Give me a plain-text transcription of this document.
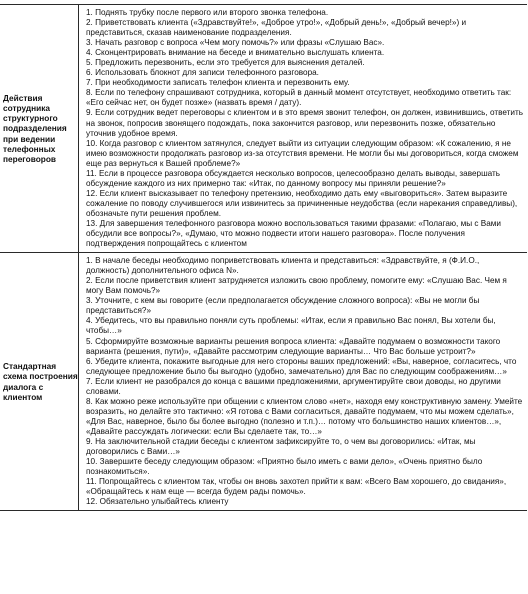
Действия сотрудника структурного подразделения при ведении телефонных переговоров
1. Поднять трубку после первого или второго звонка телефона.
2. Приветствовать клиента («Здравствуйте!», «Доброе утро!», «Добрый день!», «Добрый вечер!») и представиться, сказав наименование подразделения.
3. Начать разговор с вопроса «Чем могу помочь?» или фразы «Слушаю Вас».
4. Сконцентрировать внимание на беседе и внимательно выслушать клиента.
5. Предложить перезвонить, если это требуется для выяснения деталей.
6. Использовать блокнот для записи телефонного разговора.
7. При необходимости записать телефон клиента и перезвонить ему.
8. Если по телефону спрашивают сотрудника, который в данный момент отсутствует, необходимо ответить так: «Его сейчас нет, он будет позже» (назвать время / дату).
9. Если сотрудник ведет переговоры с клиентом и в это время звонит телефон, он должен, извинившись, ответить на звонок, попросив звонящего подождать, пока закончится разговор, или перезвонить позже, обязательно уточнив удобное время.
10. Когда разговор с клиентом затянулся, следует выйти из ситуации следующим образом: «К сожалению, я не имею возможности продолжать разговор из-за отсутствия времени. Не могли бы мы договориться, когда сможем еще раз вернуться к Вашей проблеме?»
11. Если в процессе разговора обсуждается несколько вопросов, целесообразно делать выводы, завершать обсуждение каждого из них примерно так: «Итак, по данному вопросу мы приняли решение?»
12. Если клиент высказывает по телефону претензию, необходимо дать ему «выговориться». Затем выразите сожаление по поводу случившегося или извинитесь за причиненные неудобства (если нарекания справедливы), обозначьте пути решения проблем.
13. Для завершения телефонного разговора можно воспользоваться такими фразами: «Полагаю, мы с Вами обсудили все вопросы?», «Думаю, что можно подвести итоги нашего разговора». После получения подтверждения попрощайтесь с клиентом
Стандартная схема построения диалога с клиентом
1. В начале беседы необходимо поприветствовать клиента и представиться: «Здравствуйте, я (Ф.И.О., должность) дополнительного офиса N».
2. Если после приветствия клиент затрудняется изложить свою проблему, помогите ему: «Слушаю Вас. Чем я могу Вам помочь?»
3. Уточните, с кем вы говорите (если предполагается обсуждение сложного вопроса): «Вы не могли бы представиться?»
4. Убедитесь, что вы правильно поняли суть проблемы: «Итак, если я правильно Вас понял, Вы хотели бы, чтобы…»
5. Сформируйте возможные варианты решения вопроса клиента: «Давайте подумаем о возможности такого варианта (решения, пути)», «Давайте рассмотрим следующие варианты… Что Вас больше устроит?»
6. Убедите клиента, покажите выгодные для него стороны ваших предложений: «Вы, наверное, согласитесь, что следующее предложение было бы выгодно (удобно, замечательно) для Вас по следующим соображениям…»
7. Если клиент не разобрался до конца с вашими предложениями, аргументируйте свои доводы, но другими словами.
8. Как можно реже используйте при общении с клиентом слово «нет», находя ему конструктивную замену. Умейте возразить, но делайте это тактично: «Я готова с Вами согласиться, давайте подумаем, что мы можем сделать», «Для Вас, наверное, было бы более выгодно (полезно и т.п.)… потому что большинство наших клиентов…», «Давайте рассуждать логически: если Вы сделаете так, то…»
9. На заключительной стадии беседы с клиентом зафиксируйте то, о чем вы договорились: «Итак, мы договорились с Вами…»
10. Завершите беседу следующим образом: «Приятно было иметь с вами дело», «Очень приятно было познакомиться».
11. Попрощайтесь с клиентом так, чтобы он вновь захотел прийти к вам: «Всего Вам хорошего, до свидания», «Обращайтесь к нам еще — всегда будем рады помочь».
12. Обязательно улыбайтесь клиенту
